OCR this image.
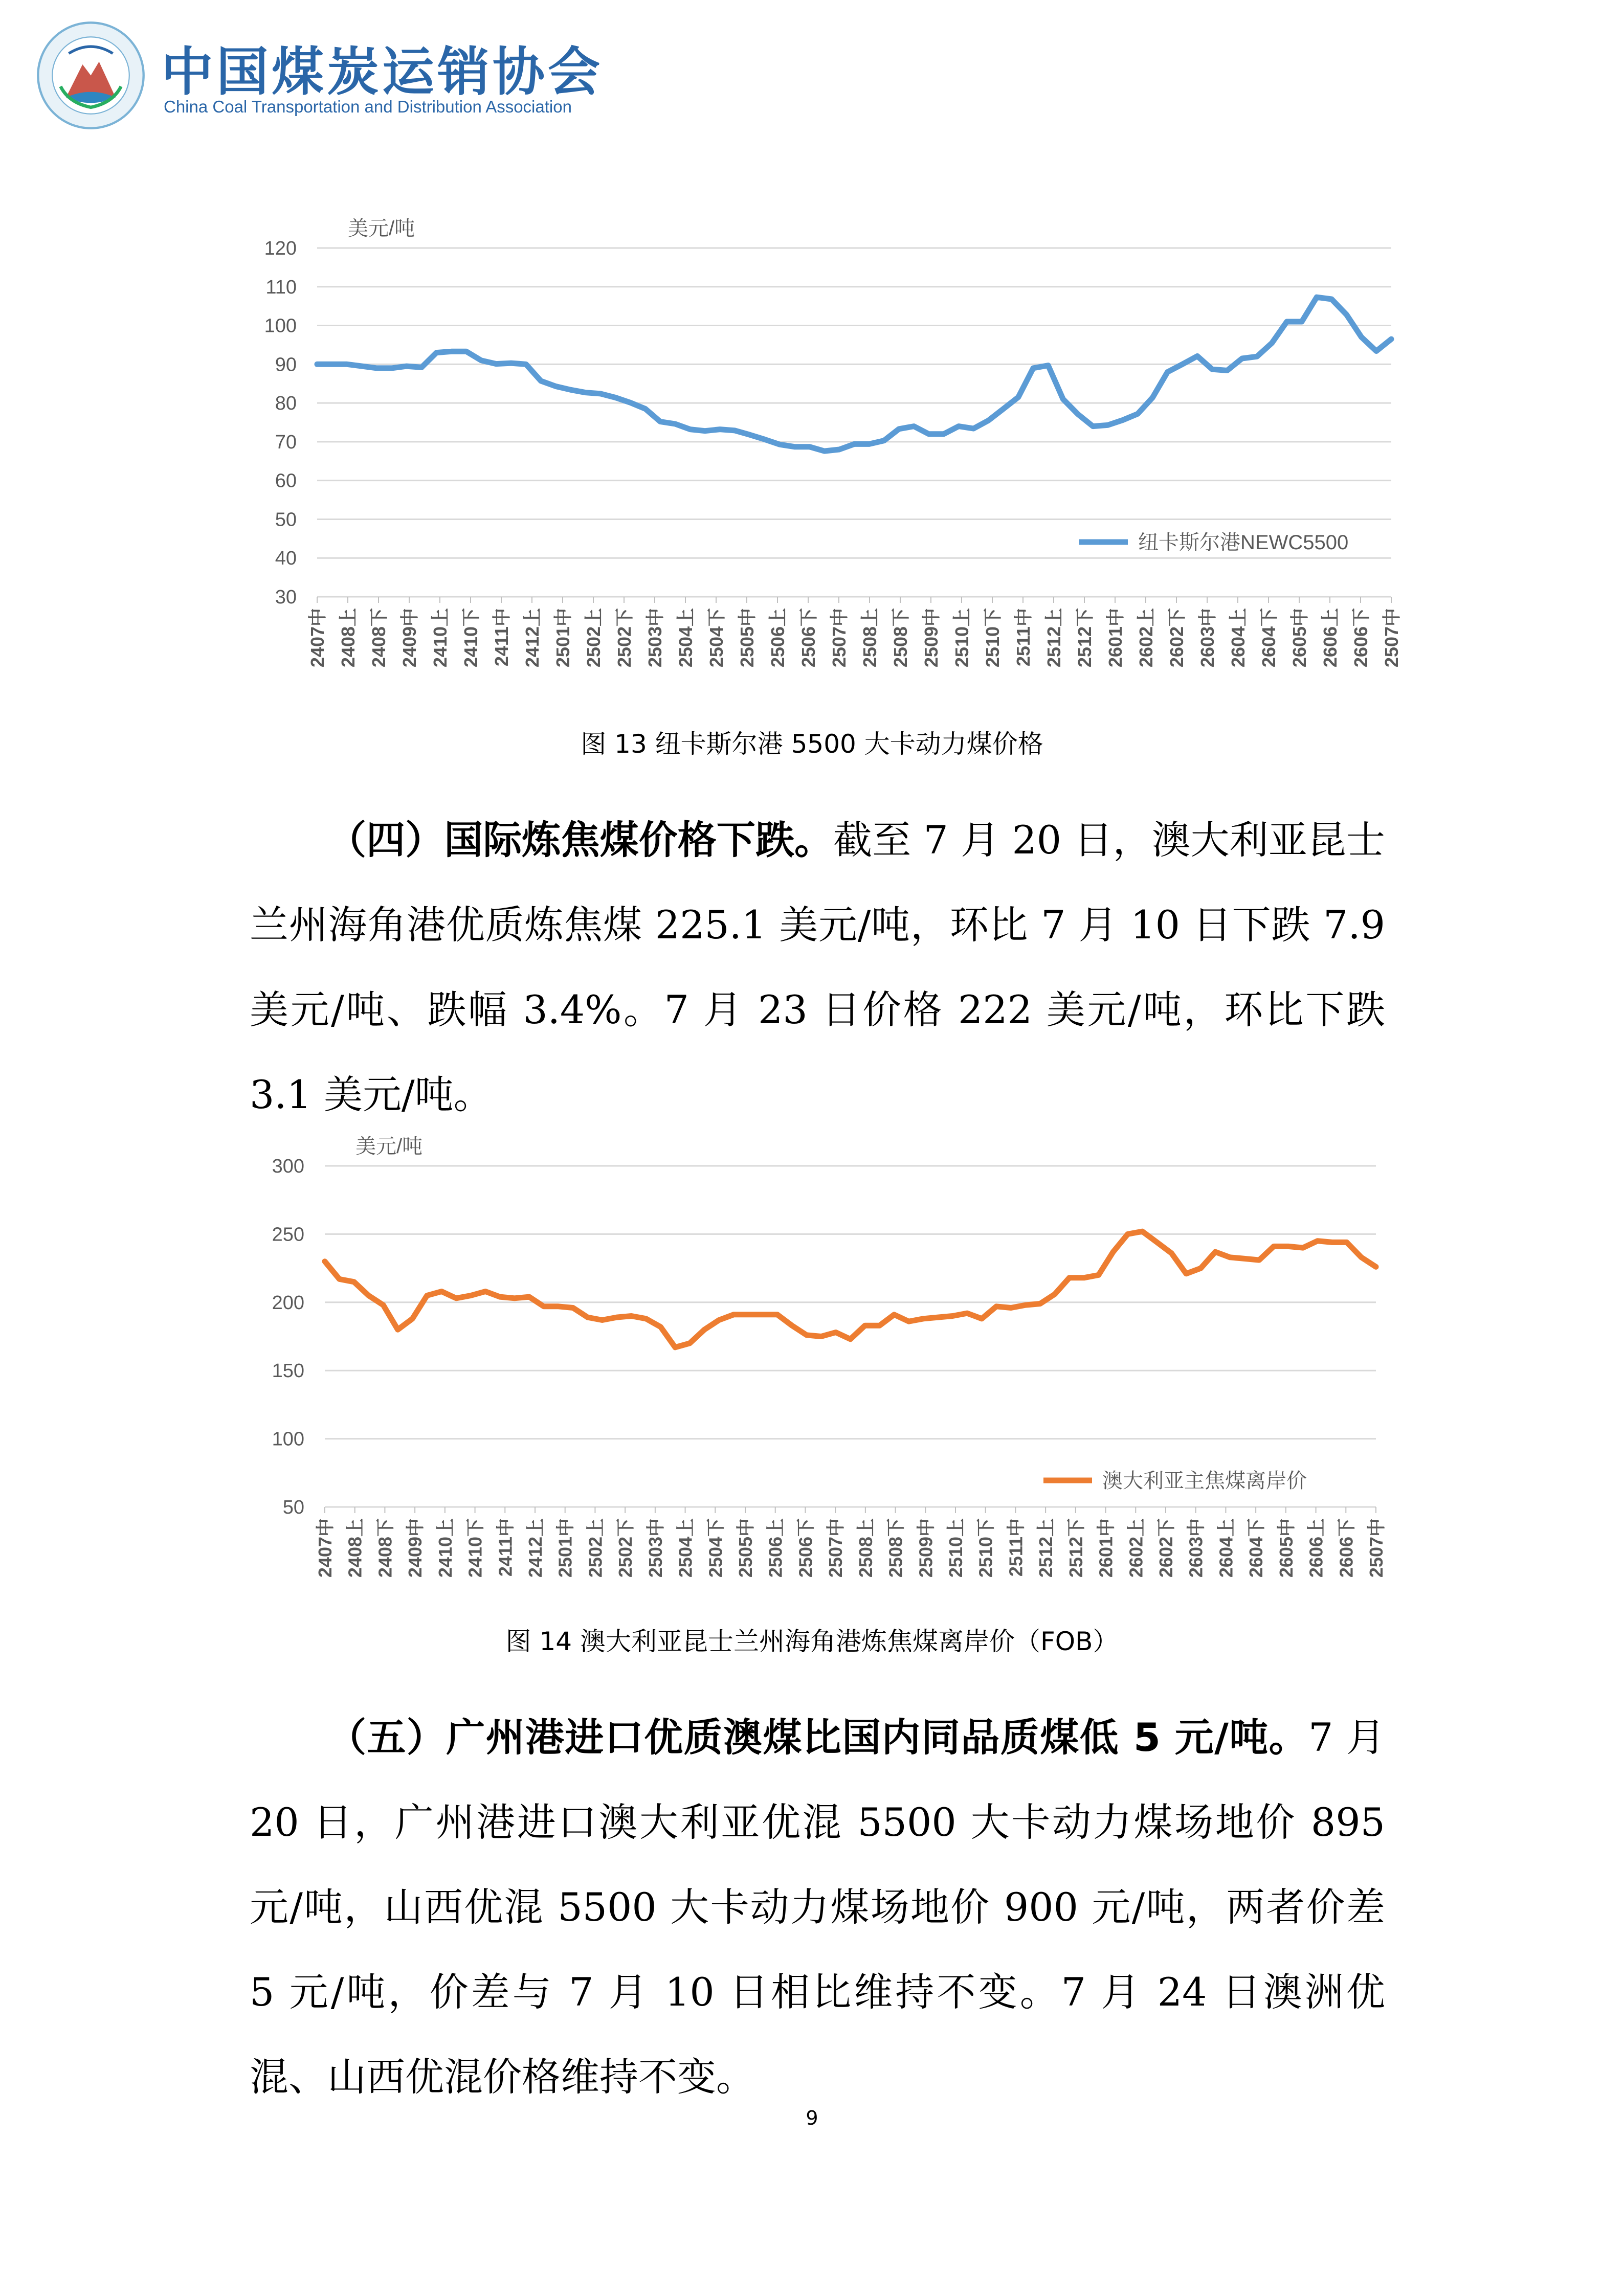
中国煤炭运销协会
China Coal Transportation and Distribution Association
30
40
50
60
70
80
90
100
110
120
美元/吨
2407中 2408上 2408下 2409中 2410上 2410下 2411中 2412上 2501中 2502上 2502下 2503中 2504上 2504下 2505中 2506上 2506下 2507中 2508上 2508下 2509中 2510上 2510下 2511中 2512上 2512下 2601中 2602上 2602下 2603中 2604上 2604下 2605中 2606上 2606下 2507中
纽卡斯尔港NEWC5500
图 13 纽卡斯尔港 5500 大卡动力煤价格
（四）国际炼焦煤价格下跌。截至 7 月 20 日，澳大利亚昆士兰州海角港优质炼焦煤 225.1 美元/吨，环比 7 月 10 日下跌 7.9 美元/吨、跌幅 3.4%。7 月 23 日价格 222 美元/吨，环比下跌 3.1 美元/吨。
50
100
150
200
250
300
美元/吨
2407中 2408上 2408下 2409中 2410上 2410下 2411中 2412上 2501中 2502上 2502下 2503中 2504上 2504下 2505中 2506上 2506下 2507中 2508上 2508下 2509中 2510上 2510下 2511中 2512上 2512下 2601中 2602上 2602下 2603中 2604上 2604下 2605中 2606上 2606下 2507中
澳大利亚主焦煤离岸价
图 14 澳大利亚昆士兰州海角港炼焦煤离岸价（FOB）
（五）广州港进口优质澳煤比国内同品质煤低 5 元/吨。7 月 20 日，广州港进口澳大利亚优混 5500 大卡动力煤场地价 895 元/吨，山西优混 5500 大卡动力煤场地价 900 元/吨，两者价差 5 元/吨，价差与 7 月 10 日相比维持不变。7 月 24 日澳洲优混、山西优混价格维持不变。
9
